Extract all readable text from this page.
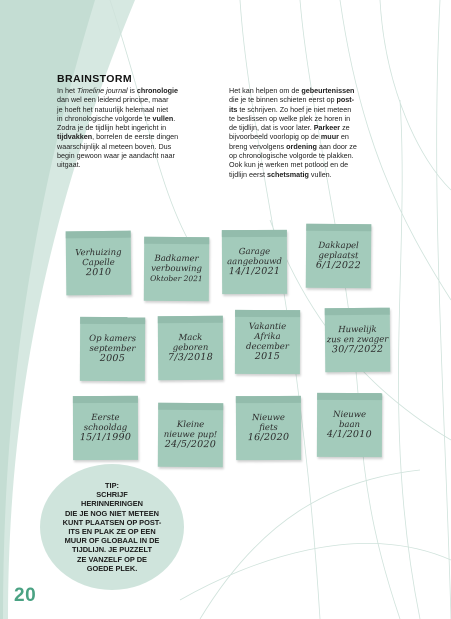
BRAINSTORM
In het Timeline journal is chronologie
dan wel een leidend principe, maar
je hoeft het natuurlijk helemaal niet
in chronologische volgorde te vullen.
Zodra je de tijdlijn hebt ingericht in
tijdvakken, borrelen de eerste dingen
waarschijnlijk al meteen boven. Dus
begin gewoon waar je aandacht naar
uitgaat.
Het kan helpen om de gebeurtenissen
die je te binnen schieten eerst op post-
its te schrijven. Zo hoef je niet meteen
te beslissen op welke plek ze horen in
de tijdlijn, dat is voor later. Parkeer ze
bijvoorbeeld voorlopig op de muur en
breng vervolgens ordening aan door ze
op chronologische volgorde te plakken.
Ook kun je werken met potlood en de
tijdlijn eerst schetsmatig vullen.
Verhuizing
Capelle
2010
Badkamer
verbouwing
Oktober 2021
Garage
aangebouwd
14/1/2021
Dakkapel
geplaatst
6/1/2022
Op kamers
september
2005
Mack
geboren
7/3/2018
Vakantie
Afrika
december
2015
Huwelijk
zus en zwager
30/7/2022
Eerste
schooldag
15/1/1990
Kleine
nieuwe pup!
24/5/2020
Nieuwe
fiets
16/2020
Nieuwe
baan
4/1/2010
TIP:
SCHRIJF
HERINNERINGEN
DIE JE NOG NIET METEEN
KUNT PLAATSEN OP POST-
ITS EN PLAK ZE OP EEN
MUUR OF GLOBAAL IN DE
TIJDLIJN. JE PUZZELT
ZE VANZELF OP DE
GOEDE PLEK.
20
